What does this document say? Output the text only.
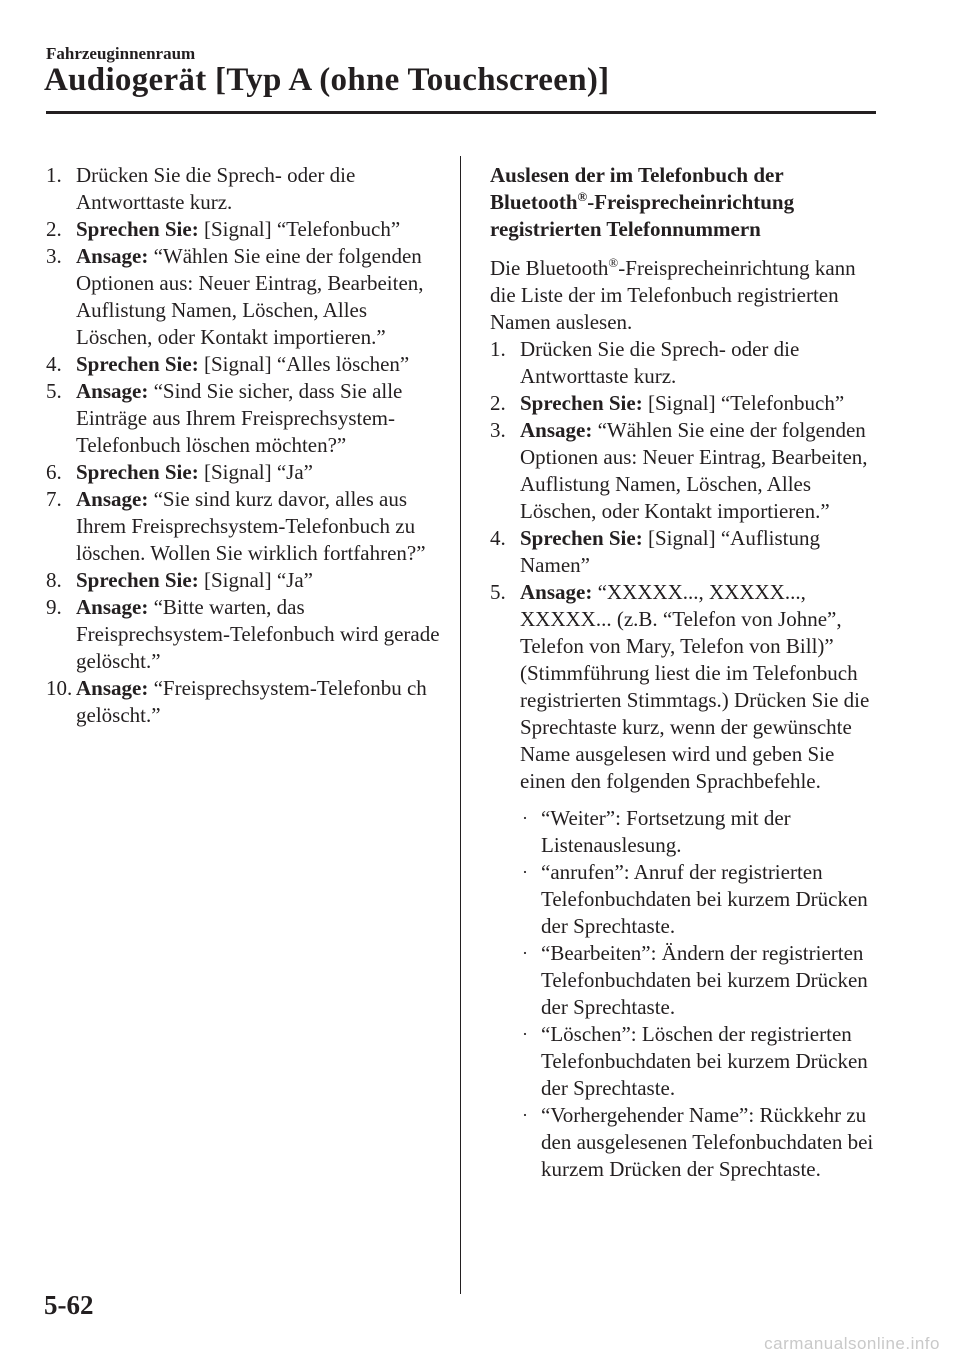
Fahrzeuginnenraum
Audiogerät [Typ A (ohne Touchscreen)]
1. Drücken Sie die Sprech- oder die Antworttaste kurz.
2. Sprechen Sie: [Signal] “Telefonbuch”
3. Ansage: “Wählen Sie eine der folgenden Optionen aus: Neuer Eintrag, Bearbeiten, Auflistung Namen, Löschen, Alles Löschen, oder Kontakt importieren.”
4. Sprechen Sie: [Signal] “Alles löschen”
5. Ansage: “Sind Sie sicher, dass Sie alle Einträge aus Ihrem Freisprechsystem-Telefonbuch löschen möchten?”
6. Sprechen Sie: [Signal] “Ja”
7. Ansage: “Sie sind kurz davor, alles aus Ihrem Freisprechsystem-Telefonbuch zu löschen. Wollen Sie wirklich fortfahren?”
8. Sprechen Sie: [Signal] “Ja”
9. Ansage: “Bitte warten, das Freisprechsystem-Telefonbuch wird gerade gelöscht.”
10. Ansage: “Freisprechsystem-Telefonbu ch gelöscht.”
Auslesen der im Telefonbuch der Bluetooth®-Freisprecheinrichtung registrierten Telefonnummern
Die Bluetooth®-Freisprecheinrichtung kann die Liste der im Telefonbuch registrierten Namen auslesen.
1. Drücken Sie die Sprech- oder die Antworttaste kurz.
2. Sprechen Sie: [Signal] “Telefonbuch”
3. Ansage: “Wählen Sie eine der folgenden Optionen aus: Neuer Eintrag, Bearbeiten, Auflistung Namen, Löschen, Alles Löschen, oder Kontakt importieren.”
4. Sprechen Sie: [Signal] “Auflistung Namen”
5. Ansage: “XXXXX..., XXXXX..., XXXXX... (z.B. “Telefon von Johne”, Telefon von Mary, Telefon von Bill)” (Stimmführung liest die im Telefonbuch registrierten Stimmtags.) Drücken Sie die Sprechtaste kurz, wenn der gewünschte Name ausgelesen wird und geben Sie einen den folgenden Sprachbefehle.
· “Weiter”: Fortsetzung mit der Listenauslesung.
· “anrufen”: Anruf der registrierten Telefonbuchdaten bei kurzem Drücken der Sprechtaste.
· “Bearbeiten”: Ändern der registrierten Telefonbuchdaten bei kurzem Drücken der Sprechtaste.
· “Löschen”: Löschen der registrierten Telefonbuchdaten bei kurzem Drücken der Sprechtaste.
· “Vorhergehender Name”: Rückkehr zu den ausgelesenen Telefonbuchdaten bei kurzem Drücken der Sprechtaste.
5-62
carmanualsonline.info
